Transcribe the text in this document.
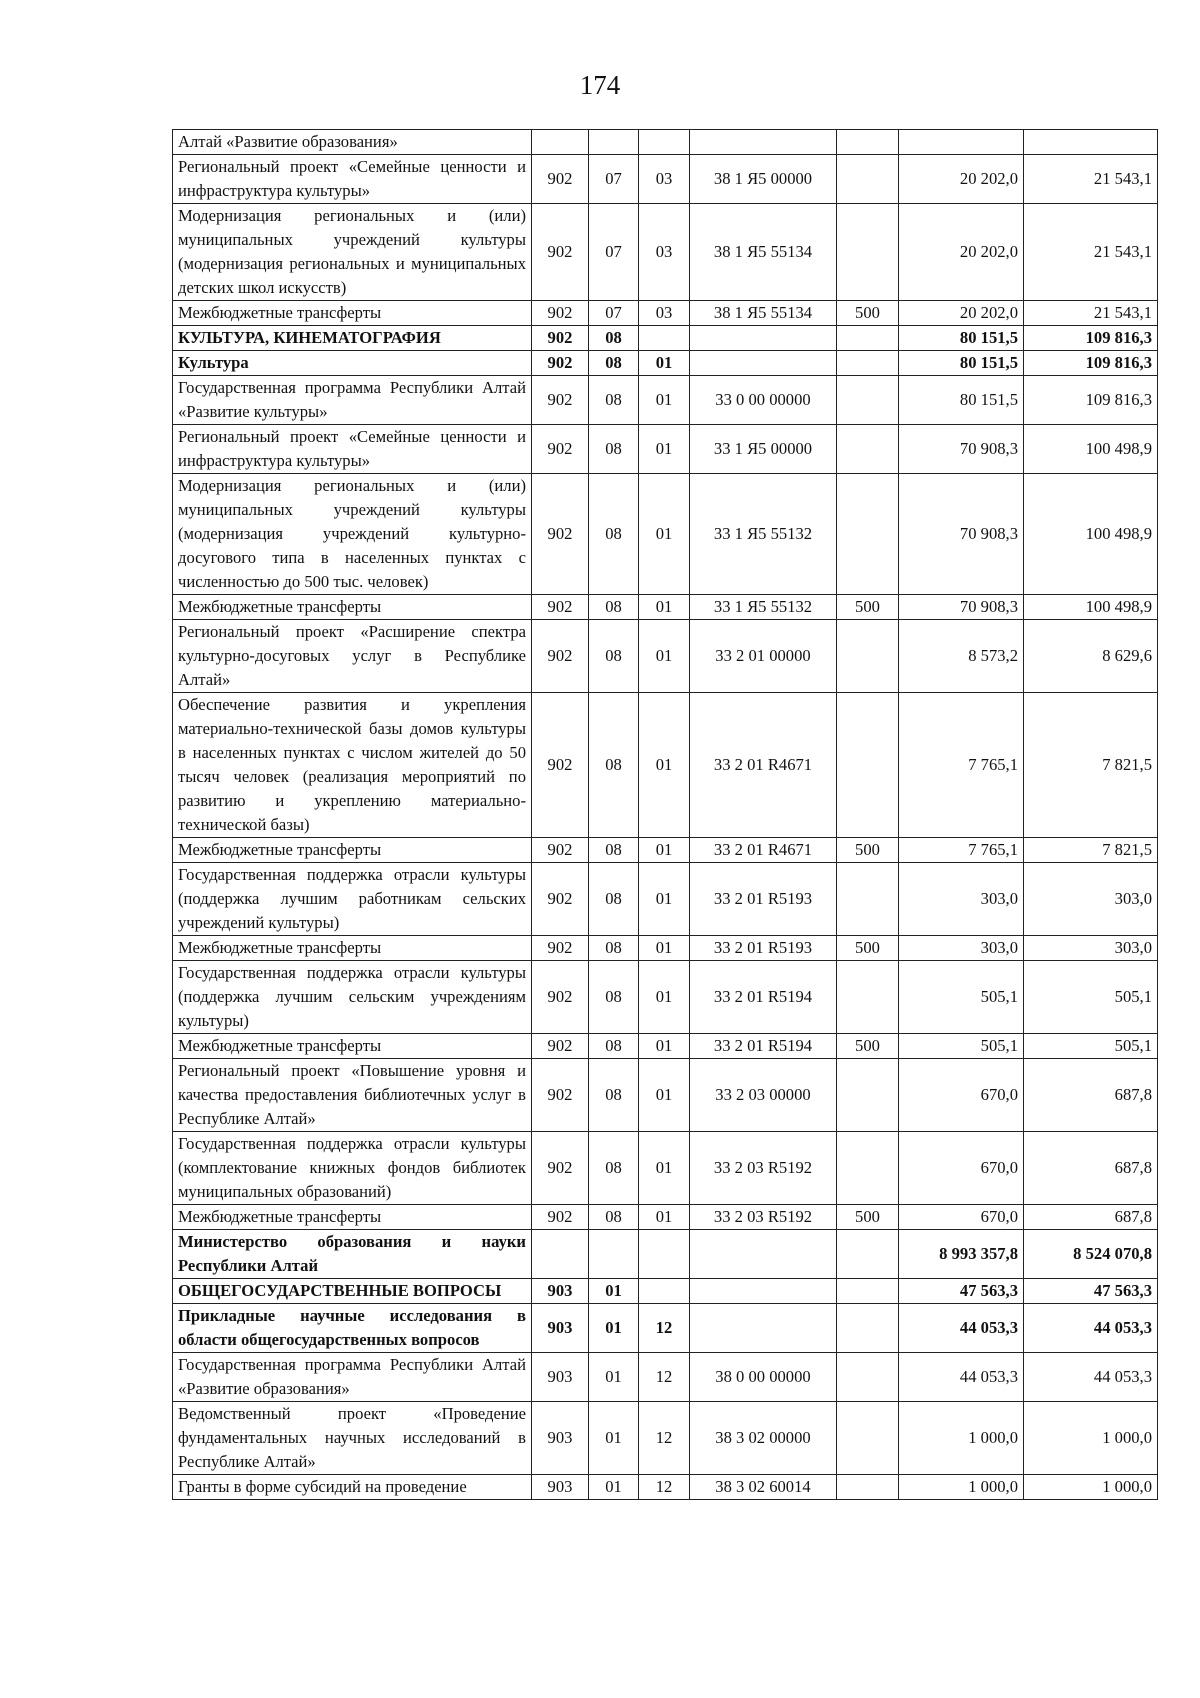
174
Алтай «Развитие образования»							
Региональный проект «Семейные ценности и инфраструктура культуры»	902	07	03	38 1 Я5 00000		20 202,0	21 543,1
Модернизация региональных и (или) муниципальных учреждений культуры (модернизация региональных и муниципальных детских школ искусств)	902	07	03	38 1 Я5 55134		20 202,0	21 543,1
Межбюджетные трансферты	902	07	03	38 1 Я5 55134	500	20 202,0	21 543,1
КУЛЬТУРА, КИНЕМАТОГРАФИЯ	902	08				80 151,5	109 816,3
Культура	902	08	01			80 151,5	109 816,3
Государственная программа Республики Алтай «Развитие культуры»	902	08	01	33 0 00 00000		80 151,5	109 816,3
Региональный проект «Семейные ценности и инфраструктура культуры»	902	08	01	33 1 Я5 00000		70 908,3	100 498,9
Модернизация региональных и (или) муниципальных учреждений культуры (модернизация учреждений культурно-досугового типа в населенных пунктах с численностью до 500 тыс. человек)	902	08	01	33 1 Я5 55132		70 908,3	100 498,9
Межбюджетные трансферты	902	08	01	33 1 Я5 55132	500	70 908,3	100 498,9
Региональный проект «Расширение спектра культурно-досуговых услуг в Республике Алтай»	902	08	01	33 2 01 00000		8 573,2	8 629,6
Обеспечение развития и укрепления материально-технической базы домов культуры в населенных пунктах с числом жителей до 50 тысяч человек (реализация мероприятий по развитию и укреплению материально-технической базы)	902	08	01	33 2 01 R4671		7 765,1	7 821,5
Межбюджетные трансферты	902	08	01	33 2 01 R4671	500	7 765,1	7 821,5
Государственная поддержка отрасли культуры (поддержка лучшим работникам сельских учреждений культуры)	902	08	01	33 2 01 R5193		303,0	303,0
Межбюджетные трансферты	902	08	01	33 2 01 R5193	500	303,0	303,0
Государственная поддержка отрасли культуры (поддержка лучшим сельским учреждениям культуры)	902	08	01	33 2 01 R5194		505,1	505,1
Межбюджетные трансферты	902	08	01	33 2 01 R5194	500	505,1	505,1
Региональный проект «Повышение уровня и качества предоставления библиотечных услуг в Республике Алтай»	902	08	01	33 2 03 00000		670,0	687,8
Государственная поддержка отрасли культуры (комплектование книжных фондов библиотек муниципальных образований)	902	08	01	33 2 03 R5192		670,0	687,8
Межбюджетные трансферты	902	08	01	33 2 03 R5192	500	670,0	687,8
Министерство образования и науки Республики Алтай						8 993 357,8	8 524 070,8
ОБЩЕГОСУДАРСТВЕННЫЕ ВОПРОСЫ	903	01				47 563,3	47 563,3
Прикладные научные исследования в области общегосударственных вопросов	903	01	12			44 053,3	44 053,3
Государственная программа Республики Алтай «Развитие образования»	903	01	12	38 0 00 00000		44 053,3	44 053,3
Ведомственный проект «Проведение фундаментальных научных исследований в Республике Алтай»	903	01	12	38 3 02 00000		1 000,0	1 000,0
Гранты в форме субсидий на проведение	903	01	12	38 3 02 60014		1 000,0	1 000,0
